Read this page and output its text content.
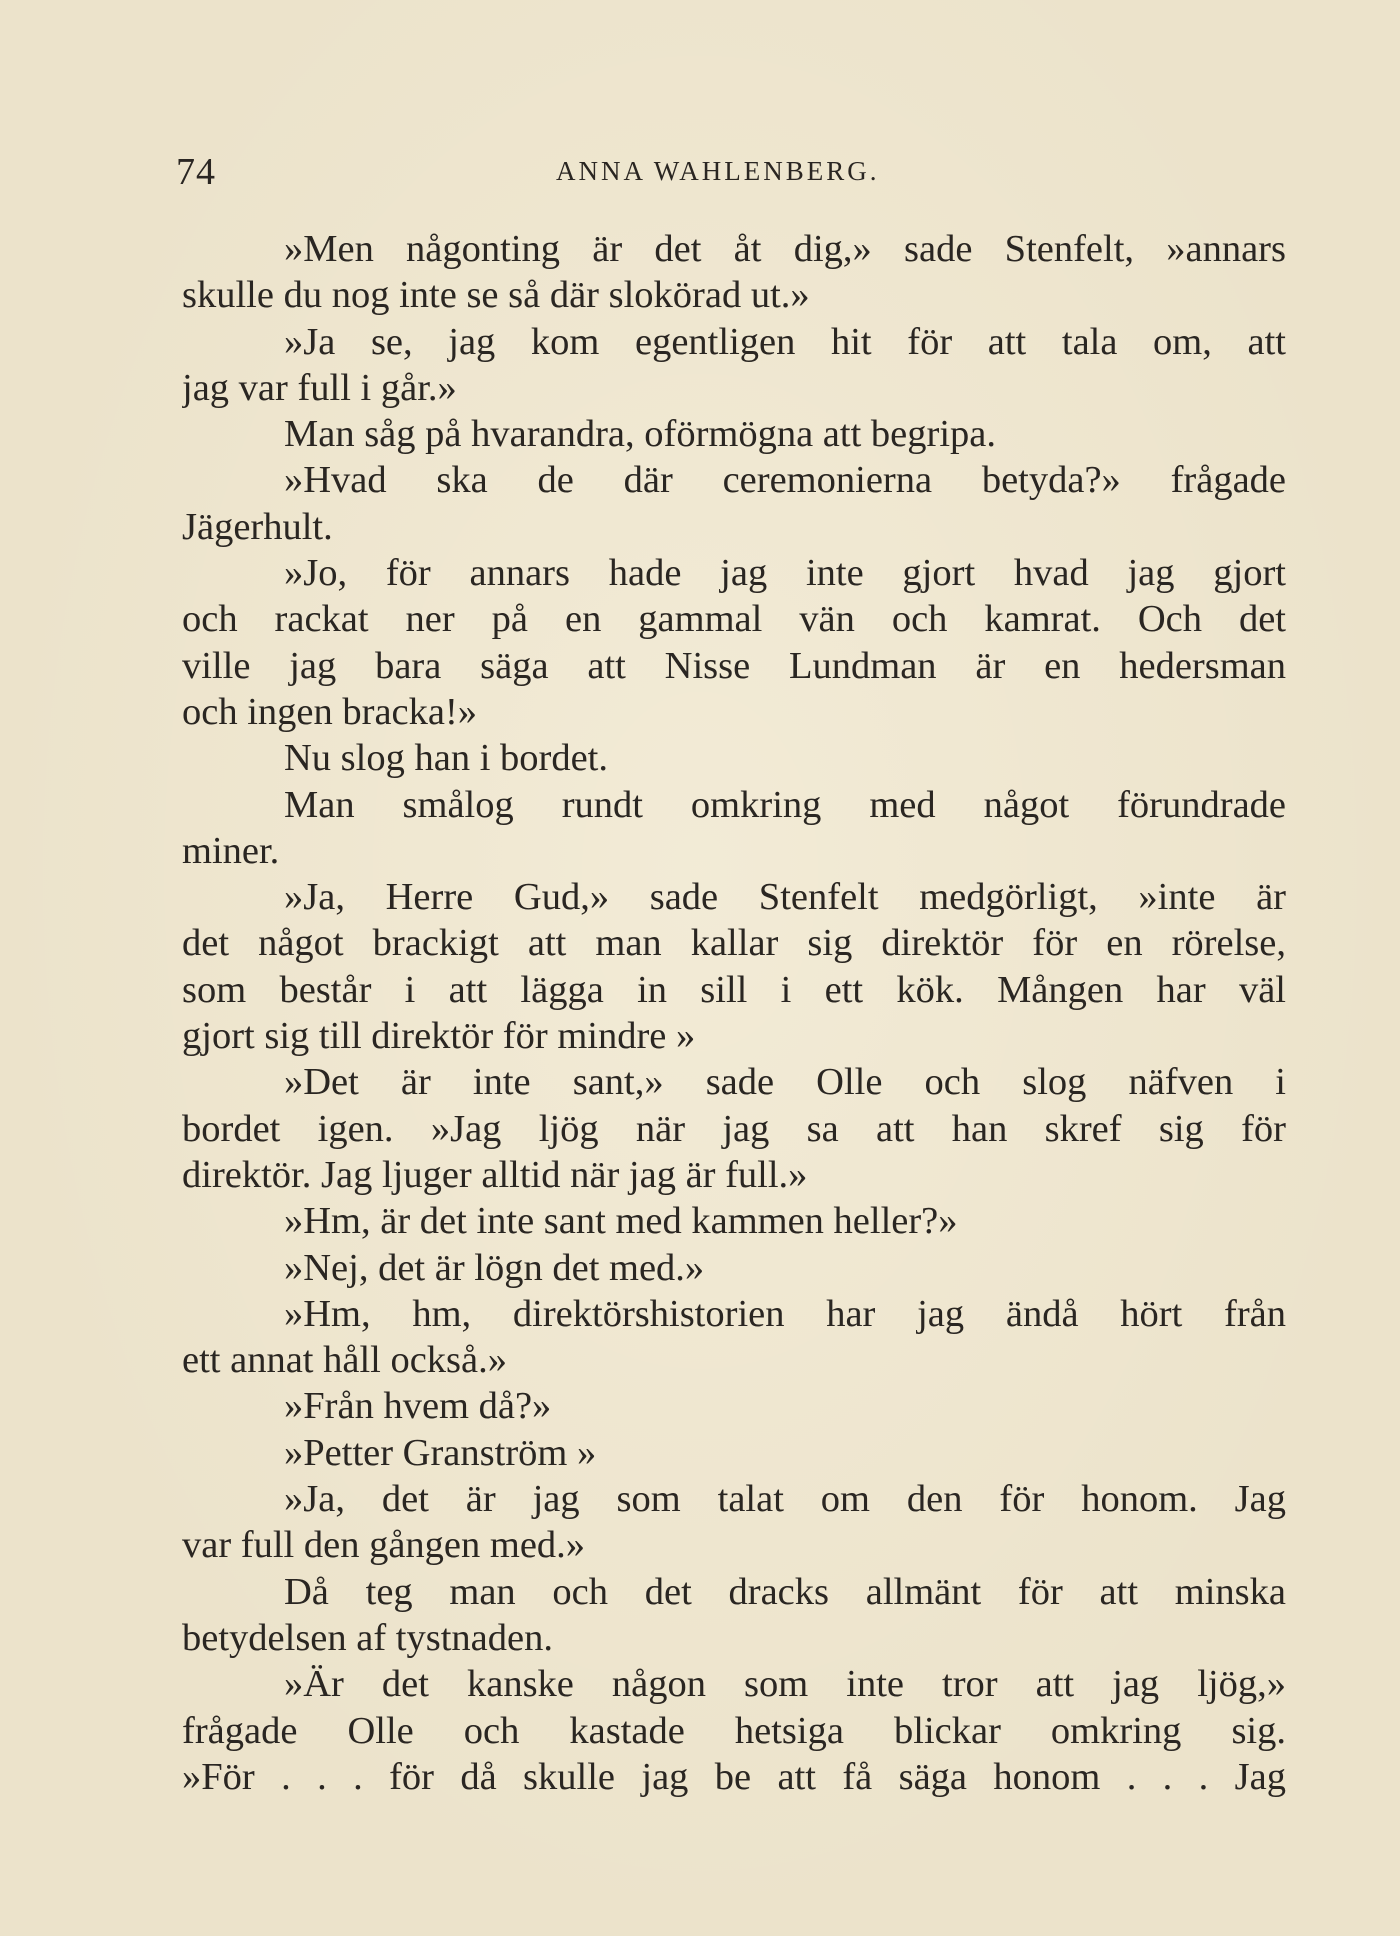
74	ANNA WAHLENBERG.
»Men någonting är det åt dig,» sade Stenfelt, »annars
skulle du nog inte se så där slokörad ut.»
»Ja se, jag kom egentligen hit för att tala om, att
jag var full i går.»
Man såg på hvarandra, oförmögna att begripa.
»Hvad ska de där ceremonierna betyda?» frågade
Jägerhult.
»Jo, för annars hade jag inte gjort hvad jag gjort
och rackat ner på en gammal vän och kamrat. Och det
ville jag bara säga att Nisse Lundman är en hedersman
och ingen bracka!»
Nu slog han i bordet.
Man smålog rundt omkring med något förundrade
miner.
»Ja, Herre Gud,» sade Stenfelt medgörligt, »inte är
det något brackigt att man kallar sig direktör för en rörelse,
som består i att lägga in sill i ett kök. Mången har väl
gjort sig till direktör för mindre »
»Det är inte sant,» sade Olle och slog näfven i
bordet igen. »Jag ljög när jag sa att han skref sig för
direktör. Jag ljuger alltid när jag är full.»
»Hm, är det inte sant med kammen heller?»
»Nej, det är lögn det med.»
»Hm, hm, direktörshistorien har jag ändå hört från
ett annat håll också.»
»Från hvem då?»
»Petter Granström »
»Ja, det är jag som talat om den för honom. Jag
var full den gången med.»
Då teg man och det dracks allmänt för att minska
betydelsen af tystnaden.
»Är det kanske någon som inte tror att jag ljög,»
frågade Olle och kastade hetsiga blickar omkring sig.
»För . . . för då skulle jag be att få säga honom . . . Jag
